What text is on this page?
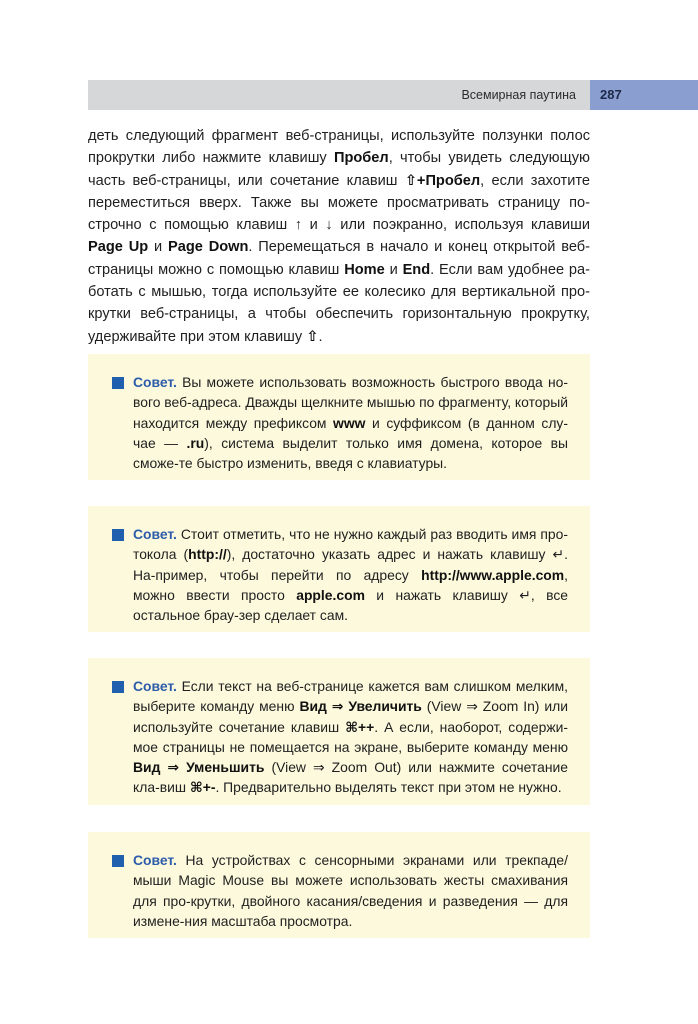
Всемирная паутина 287

деть следующий фрагмент веб-страницы, используйте ползунки полос прокрутки либо нажмите клавишу Пробел, чтобы увидеть следующую часть веб-страницы, или сочетание клавиш ⇧+Пробел, если захотите переместиться вверх. Также вы можете просматривать страницу по-строчно с помощью клавиш ↑ и ↓ или поэкранно, используя клавиши Page Up и Page Down. Перемещаться в начало и конец открытой веб-страницы можно с помощью клавиш Home и End. Если вам удобнее ра-ботать с мышью, тогда используйте ее колесико для вертикальной про-крутки веб-страницы, а чтобы обеспечить горизонтальную прокрутку, удерживайте при этом клавишу ⇧.

Совет. Вы можете использовать возможность быстрого ввода но-вого веб-адреса. Дважды щелкните мышью по фрагменту, который находится между префиксом www и суффиксом (в данном слу-чае — .ru), система выделит только имя домена, которое вы сможе-те быстро изменить, введя с клавиатуры.

Совет. Стоит отметить, что не нужно каждый раз вводить имя про-токола (http://), достаточно указать адрес и нажать клавишу ↵. На-пример, чтобы перейти по адресу http://www.apple.com, можно ввести просто apple.com и нажать клавишу ↵, все остальное брау-зер сделает сам.

Совет. Если текст на веб-странице кажется вам слишком мелким, выберите команду меню Вид ⇒ Увеличить (View ⇒ Zoom In) или используйте сочетание клавиш ⌘++. А если, наоборот, содержи-мое страницы не помещается на экране, выберите команду меню Вид ⇒ Уменьшить (View ⇒ Zoom Out) или нажмите сочетание кла-виш ⌘+-. Предварительно выделять текст при этом не нужно.

Совет. На устройствах с сенсорными экранами или трекпаде/мыши Magic Mouse вы можете использовать жесты смахивания для про-крутки, двойного касания/сведения и разведения — для измене-ния масштаба просмотра.
